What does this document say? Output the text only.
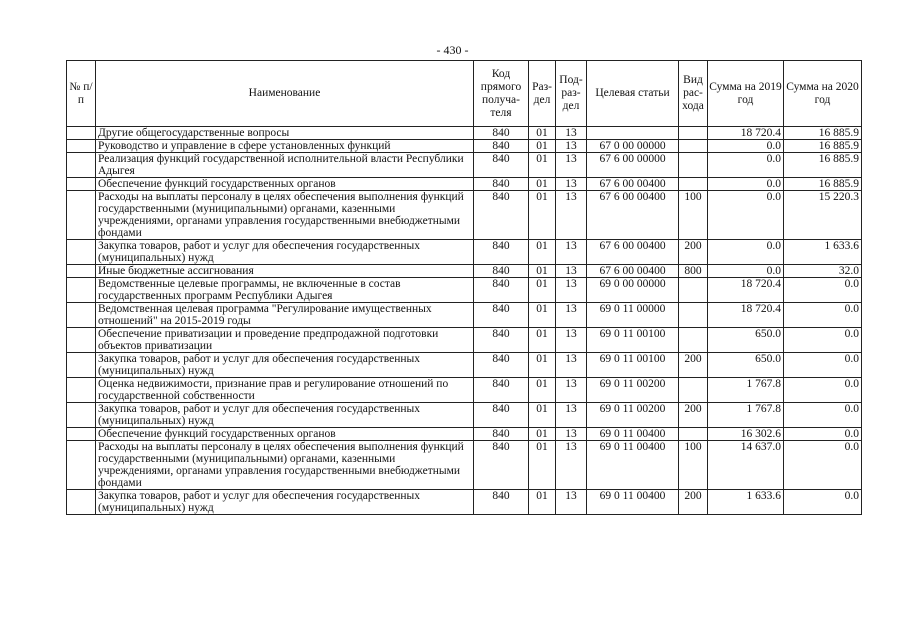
- 430 -
№ п/п	Наименование	Код прямого получа-теля	Раз-дел	Под-раз-дел	Целевая статьи	Вид рас-хода	Сумма на 2019 год	Сумма на 2020 год
	Другие общегосударственные вопросы	840	01	13			18 720.4	16 885.9
	Руководство и управление в сфере установленных функций	840	01	13	67 0 00 00000		0.0	16 885.9
	Реализация функций государственной исполнительной власти Республики Адыгея	840	01	13	67 6 00 00000		0.0	16 885.9
	Обеспечение функций государственных органов	840	01	13	67 6 00 00400		0.0	16 885.9
	Расходы на выплаты персоналу в целях обеспечения выполнения функций государственными (муниципальными) органами, казенными учреждениями, органами управления государственными внебюджетными фондами	840	01	13	67 6 00 00400	100	0.0	15 220.3
	Закупка товаров, работ и услуг для обеспечения государственных (муниципальных) нужд	840	01	13	67 6 00 00400	200	0.0	1 633.6
	Иные бюджетные ассигнования	840	01	13	67 6 00 00400	800	0.0	32.0
	Ведомственные целевые программы, не включенные в состав государственных программ Республики Адыгея	840	01	13	69 0 00 00000		18 720.4	0.0
	Ведомственная целевая программа "Регулирование имущественных отношений" на 2015-2019 годы	840	01	13	69 0 11 00000		18 720.4	0.0
	Обеспечение приватизации и проведение предпродажной подготовки объектов приватизации	840	01	13	69 0 11 00100		650.0	0.0
	Закупка товаров, работ и услуг для обеспечения государственных (муниципальных) нужд	840	01	13	69 0 11 00100	200	650.0	0.0
	Оценка недвижимости, признание прав и регулирование отношений по государственной собственности	840	01	13	69 0 11 00200		1 767.8	0.0
	Закупка товаров, работ и услуг для обеспечения государственных (муниципальных) нужд	840	01	13	69 0 11 00200	200	1 767.8	0.0
	Обеспечение функций государственных органов	840	01	13	69 0 11 00400		16 302.6	0.0
	Расходы на выплаты персоналу в целях обеспечения выполнения функций государственными (муниципальными) органами, казенными учреждениями, органами управления государственными внебюджетными фондами	840	01	13	69 0 11 00400	100	14 637.0	0.0
	Закупка товаров, работ и услуг для обеспечения государственных (муниципальных) нужд	840	01	13	69 0 11 00400	200	1 633.6	0.0
